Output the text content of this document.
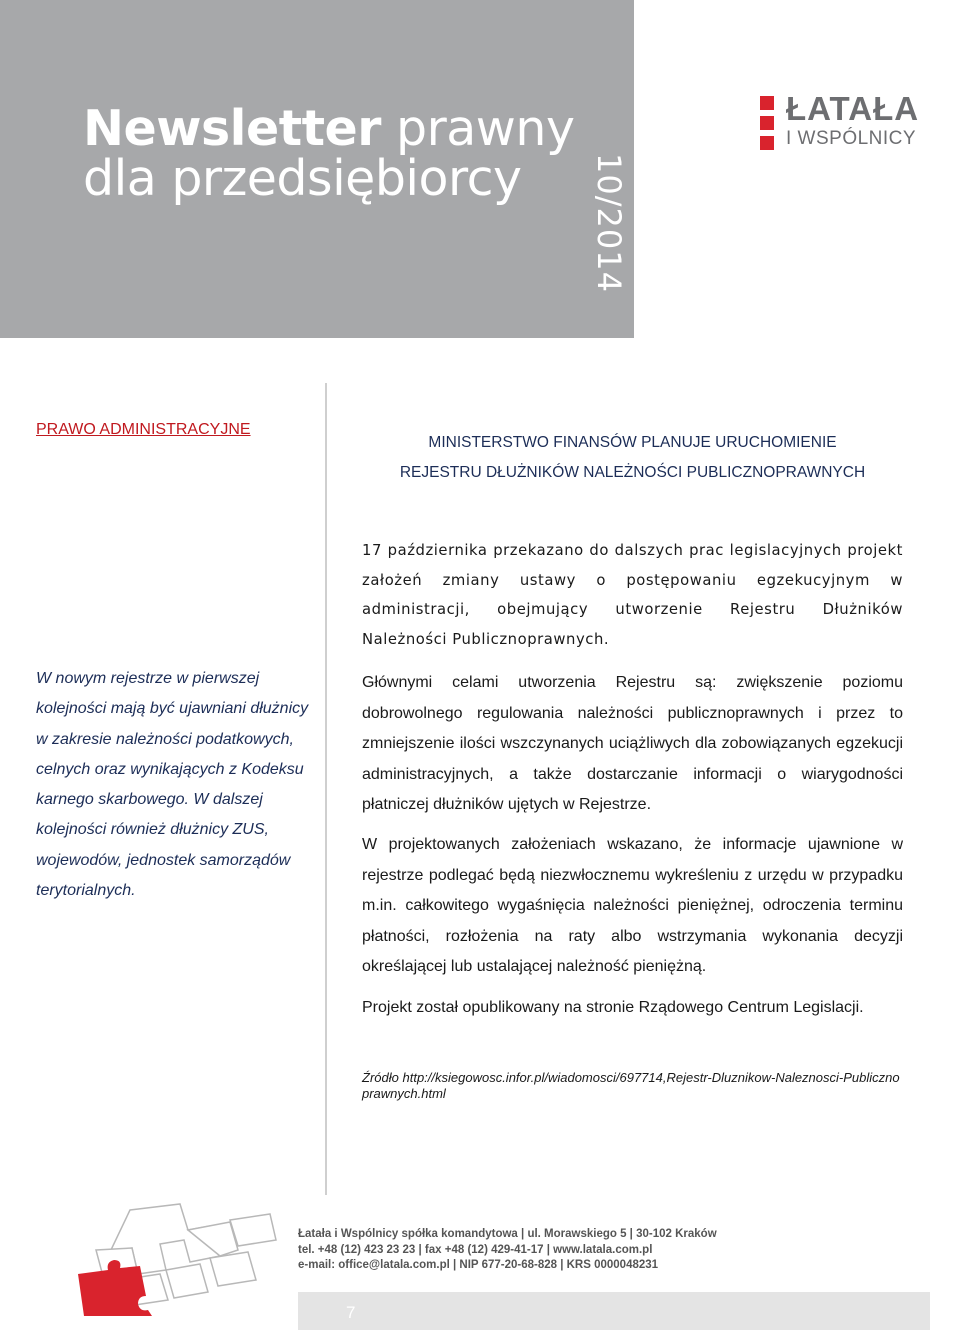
Newsletter prawny
dla przedsiębiorcy 10/2014
ŁATAŁA
I WSPÓLNICY
PRAWO ADMINISTRACYJNE
MINISTERSTWO FINANSÓW PLANUJE URUCHOMIENIE
REJESTRU DŁUŻNIKÓW NALEŻNOŚCI PUBLICZNOPRAWNYCH
W nowym rejestrze w pierwszej kolejności mają być ujawniani dłużnicy w zakresie należności podatkowych, celnych oraz wynikających z Kodeksu karnego skarbowego. W dalszej kolejności również dłużnicy ZUS, wojewodów, jednostek samorządów terytorialnych.
17 października przekazano do dalszych prac legislacyjnych projekt założeń zmiany ustawy o postępowaniu egzekucyjnym w administracji, obejmujący utworzenie Rejestru Dłużników Należności Publicznoprawnych.
Głównymi celami utworzenia Rejestru są: zwiększenie poziomu dobrowolnego regulowania należności publicznoprawnych i przez to zmniejszenie ilości wszczynanych uciążliwych dla zobowiązanych egzekucji administracyjnych, a także dostarczanie informacji o wiarygodności płatniczej dłużników ujętych w Rejestrze.
W projektowanych założeniach wskazano, że informacje ujawnione w rejestrze podlegać będą niezwłocznemu wykreśleniu z urzędu w przypadku m.in. całkowitego wygaśnięcia należności pieniężnej, odroczenia terminu płatności, rozłożenia na raty albo wstrzymania wykonania decyzji określającej lub ustalającej należność pieniężną.
Projekt został opublikowany na stronie Rządowego Centrum Legislacji.
Źródło http://ksiegowosc.infor.pl/wiadomosci/697714,Rejestr-Dluznikow-Naleznosci-Publicznoprawnych.html
Łatała i Wspólnicy spółka komandytowa | ul. Morawskiego 5 | 30-102 Kraków
tel. +48 (12) 423 23 23 | fax +48 (12) 429-41-17 | www.latala.com.pl
e-mail: office@latala.com.pl | NIP 677-20-68-828 | KRS 0000048231
7
